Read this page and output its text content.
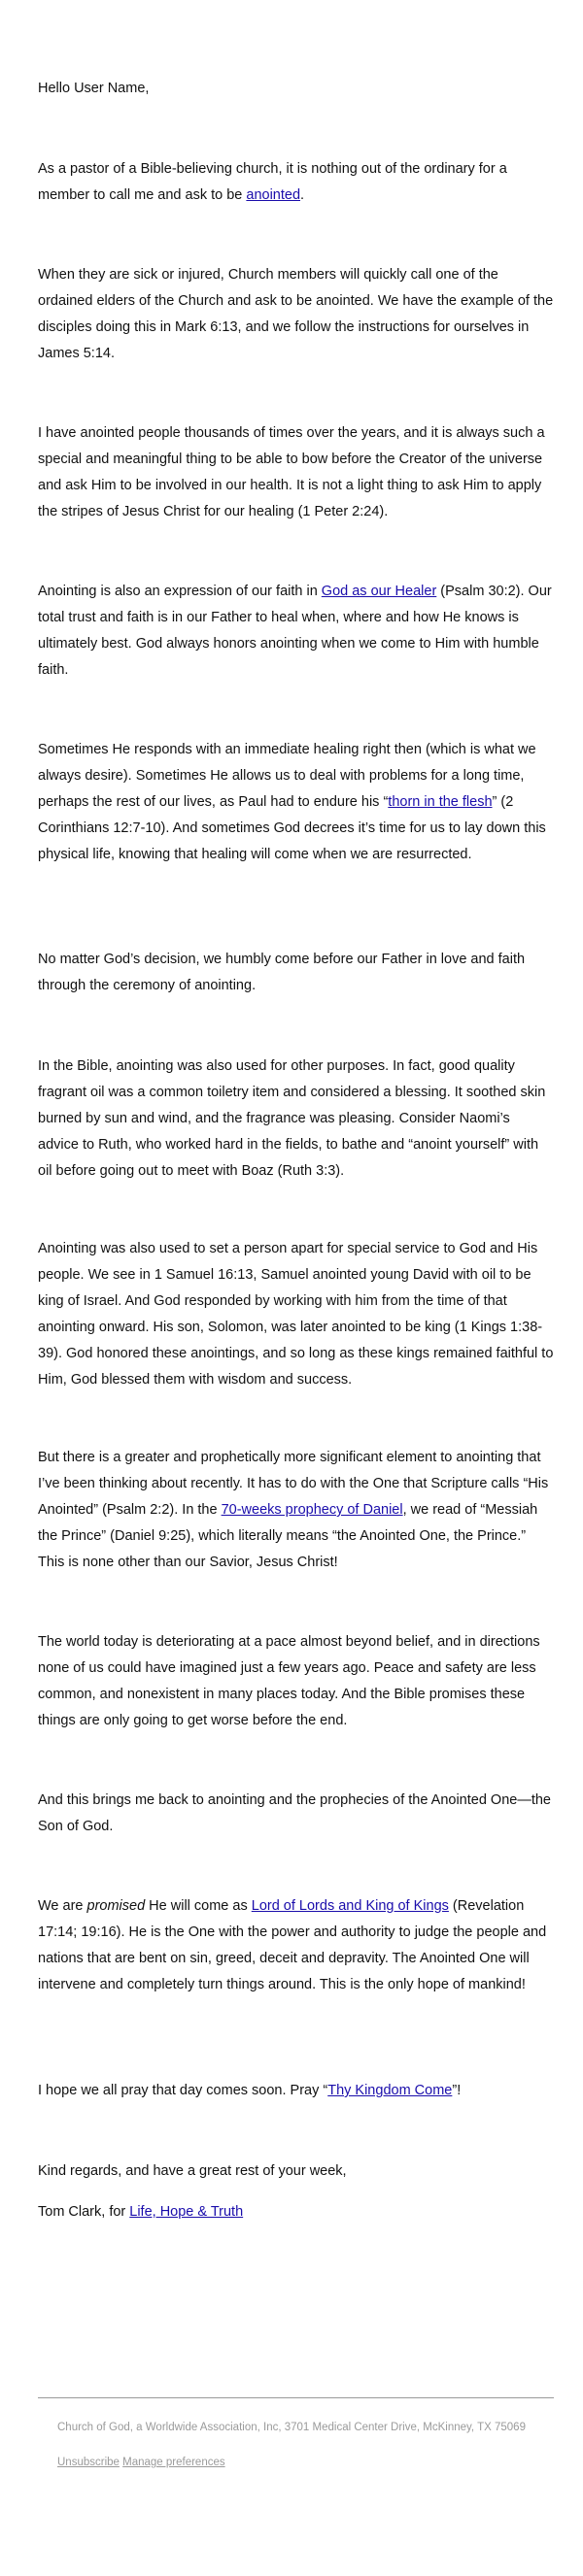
Hello User Name,

As a pastor of a Bible-believing church, it is nothing out of the ordinary for a member to call me and ask to be anointed.

When they are sick or injured, Church members will quickly call one of the ordained elders of the Church and ask to be anointed. We have the example of the disciples doing this in Mark 6:13, and we follow the instructions for ourselves in James 5:14.

I have anointed people thousands of times over the years, and it is always such a special and meaningful thing to be able to bow before the Creator of the universe and ask Him to be involved in our health. It is not a light thing to ask Him to apply the stripes of Jesus Christ for our healing (1 Peter 2:24).

Anointing is also an expression of our faith in God as our Healer (Psalm 30:2). Our total trust and faith is in our Father to heal when, where and how He knows is ultimately best. God always honors anointing when we come to Him with humble faith.

Sometimes He responds with an immediate healing right then (which is what we always desire). Sometimes He allows us to deal with problems for a long time, perhaps the rest of our lives, as Paul had to endure his “thorn in the flesh” (2 Corinthians 12:7-10). And sometimes God decrees it’s time for us to lay down this physical life, knowing that healing will come when we are resurrected.

No matter God’s decision, we humbly come before our Father in love and faith through the ceremony of anointing.

In the Bible, anointing was also used for other purposes. In fact, good quality fragrant oil was a common toiletry item and considered a blessing. It soothed skin burned by sun and wind, and the fragrance was pleasing. Consider Naomi’s advice to Ruth, who worked hard in the fields, to bathe and “anoint yourself” with oil before going out to meet with Boaz (Ruth 3:3).

Anointing was also used to set a person apart for special service to God and His people. We see in 1 Samuel 16:13, Samuel anointed young David with oil to be king of Israel. And God responded by working with him from the time of that anointing onward. His son, Solomon, was later anointed to be king (1 Kings 1:38-39). God honored these anointings, and so long as these kings remained faithful to Him, God blessed them with wisdom and success.

But there is a greater and prophetically more significant element to anointing that I’ve been thinking about recently. It has to do with the One that Scripture calls “His Anointed” (Psalm 2:2). In the 70-weeks prophecy of Daniel, we read of “Messiah the Prince” (Daniel 9:25), which literally means “the Anointed One, the Prince.” This is none other than our Savior, Jesus Christ!

The world today is deteriorating at a pace almost beyond belief, and in directions none of us could have imagined just a few years ago. Peace and safety are less common, and nonexistent in many places today. And the Bible promises these things are only going to get worse before the end.

And this brings me back to anointing and the prophecies of the Anointed One—the Son of God.

We are promised He will come as Lord of Lords and King of Kings (Revelation 17:14; 19:16). He is the One with the power and authority to judge the people and nations that are bent on sin, greed, deceit and depravity. The Anointed One will intervene and completely turn things around. This is the only hope of mankind!

I hope we all pray that day comes soon. Pray “Thy Kingdom Come”!

Kind regards, and have a great rest of your week,

Tom Clark, for Life, Hope & Truth

Church of God, a Worldwide Association, Inc, 3701 Medical Center Drive, McKinney, TX 75069
Unsubscribe Manage preferences
